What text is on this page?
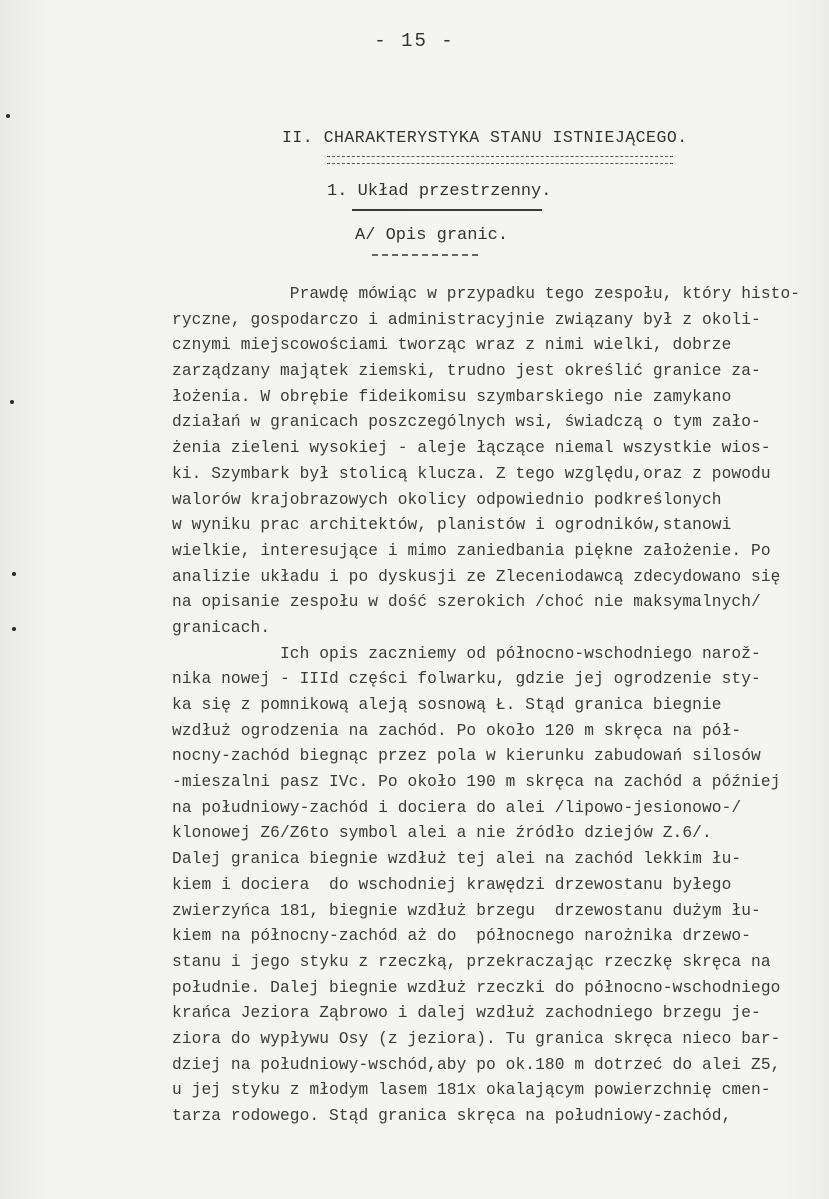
- 15 -
II. CHARAKTERYSTYKA STANU ISTNIEJĄCEGO.
1. Układ przestrzenny.
A/ Opis granic.
Prawdę mówiąc w przypadku tego zespołu, który histo-
ryczne, gospodarczo i administracyjnie związany był z okoli-
cznymi miejscowościami tworząc wraz z nimi wielki, dobrze
zarządzany majątek ziemski, trudno jest określić granice za-
łożenia. W obrębie fideikomisu szymbarskiego nie zamykano
działań w granicach poszczególnych wsi, świadczą o tym zało-
żenia zieleni wysokiej - aleje łączące niemal wszystkie wios-
ki. Szymbark był stolicą klucza. Z tego względu,oraz z powodu
walorów krajobrazowych okolicy odpowiednio podkreślonych
w wyniku prac architektów, planistów i ogrodników,stanowi
wielkie, interesujące i mimo zaniedbania piękne założenie. Po
analizie układu i po dyskusji ze Zleceniodawcą zdecydowano się
na opisanie zespołu w dość szerokich /choć nie maksymalnych/
granicach.
Ich opis zaczniemy od północno-wschodniego narož-
nika nowej - IIId części folwarku, gdzie jej ogrodzenie sty-
ka się z pomnikową aleją sosnową Ł. Stąd granica biegnie
wzdłuż ogrodzenia na zachód. Po około 120 m skręca na pół-
nocny-zachód biegnąc przez pola w kierunku zabudowań silosów
-mieszalni pasz IVc. Po około 190 m skręca na zachód a później
na południowy-zachód i dociera do alei /lipowo-jesionowo-/
klonowej Z6/Z6to symbol alei a nie źródło dziejów Z.6/.
Dalej granica biegnie wzdłuż tej alei na zachód lekkim łu-
kiem i dociera  do wschodniej krawędzi drzewostanu byłego
zwierzyńca 181, biegnie wzdłuż brzegu  drzewostanu dużym łu-
kiem na północny-zachód aż do  północnego narożnika drzewo-
stanu i jego styku z rzeczką, przekraczając rzeczkę skręca na
południe. Dalej biegnie wzdłuż rzeczki do północno-wschodniego
krańca Jeziora Ząbrowo i dalej wzdłuż zachodniego brzegu je-
ziora do wypływu Osy (z jeziora). Tu granica skręca nieco bar-
dziej na południowy-wschód,aby po ok.180 m dotrzeć do alei Z5,
u jej styku z młodym lasem 181x okalającym powierzchnię cmen-
tarza rodowego. Stąd granica skręca na południowy-zachód,
